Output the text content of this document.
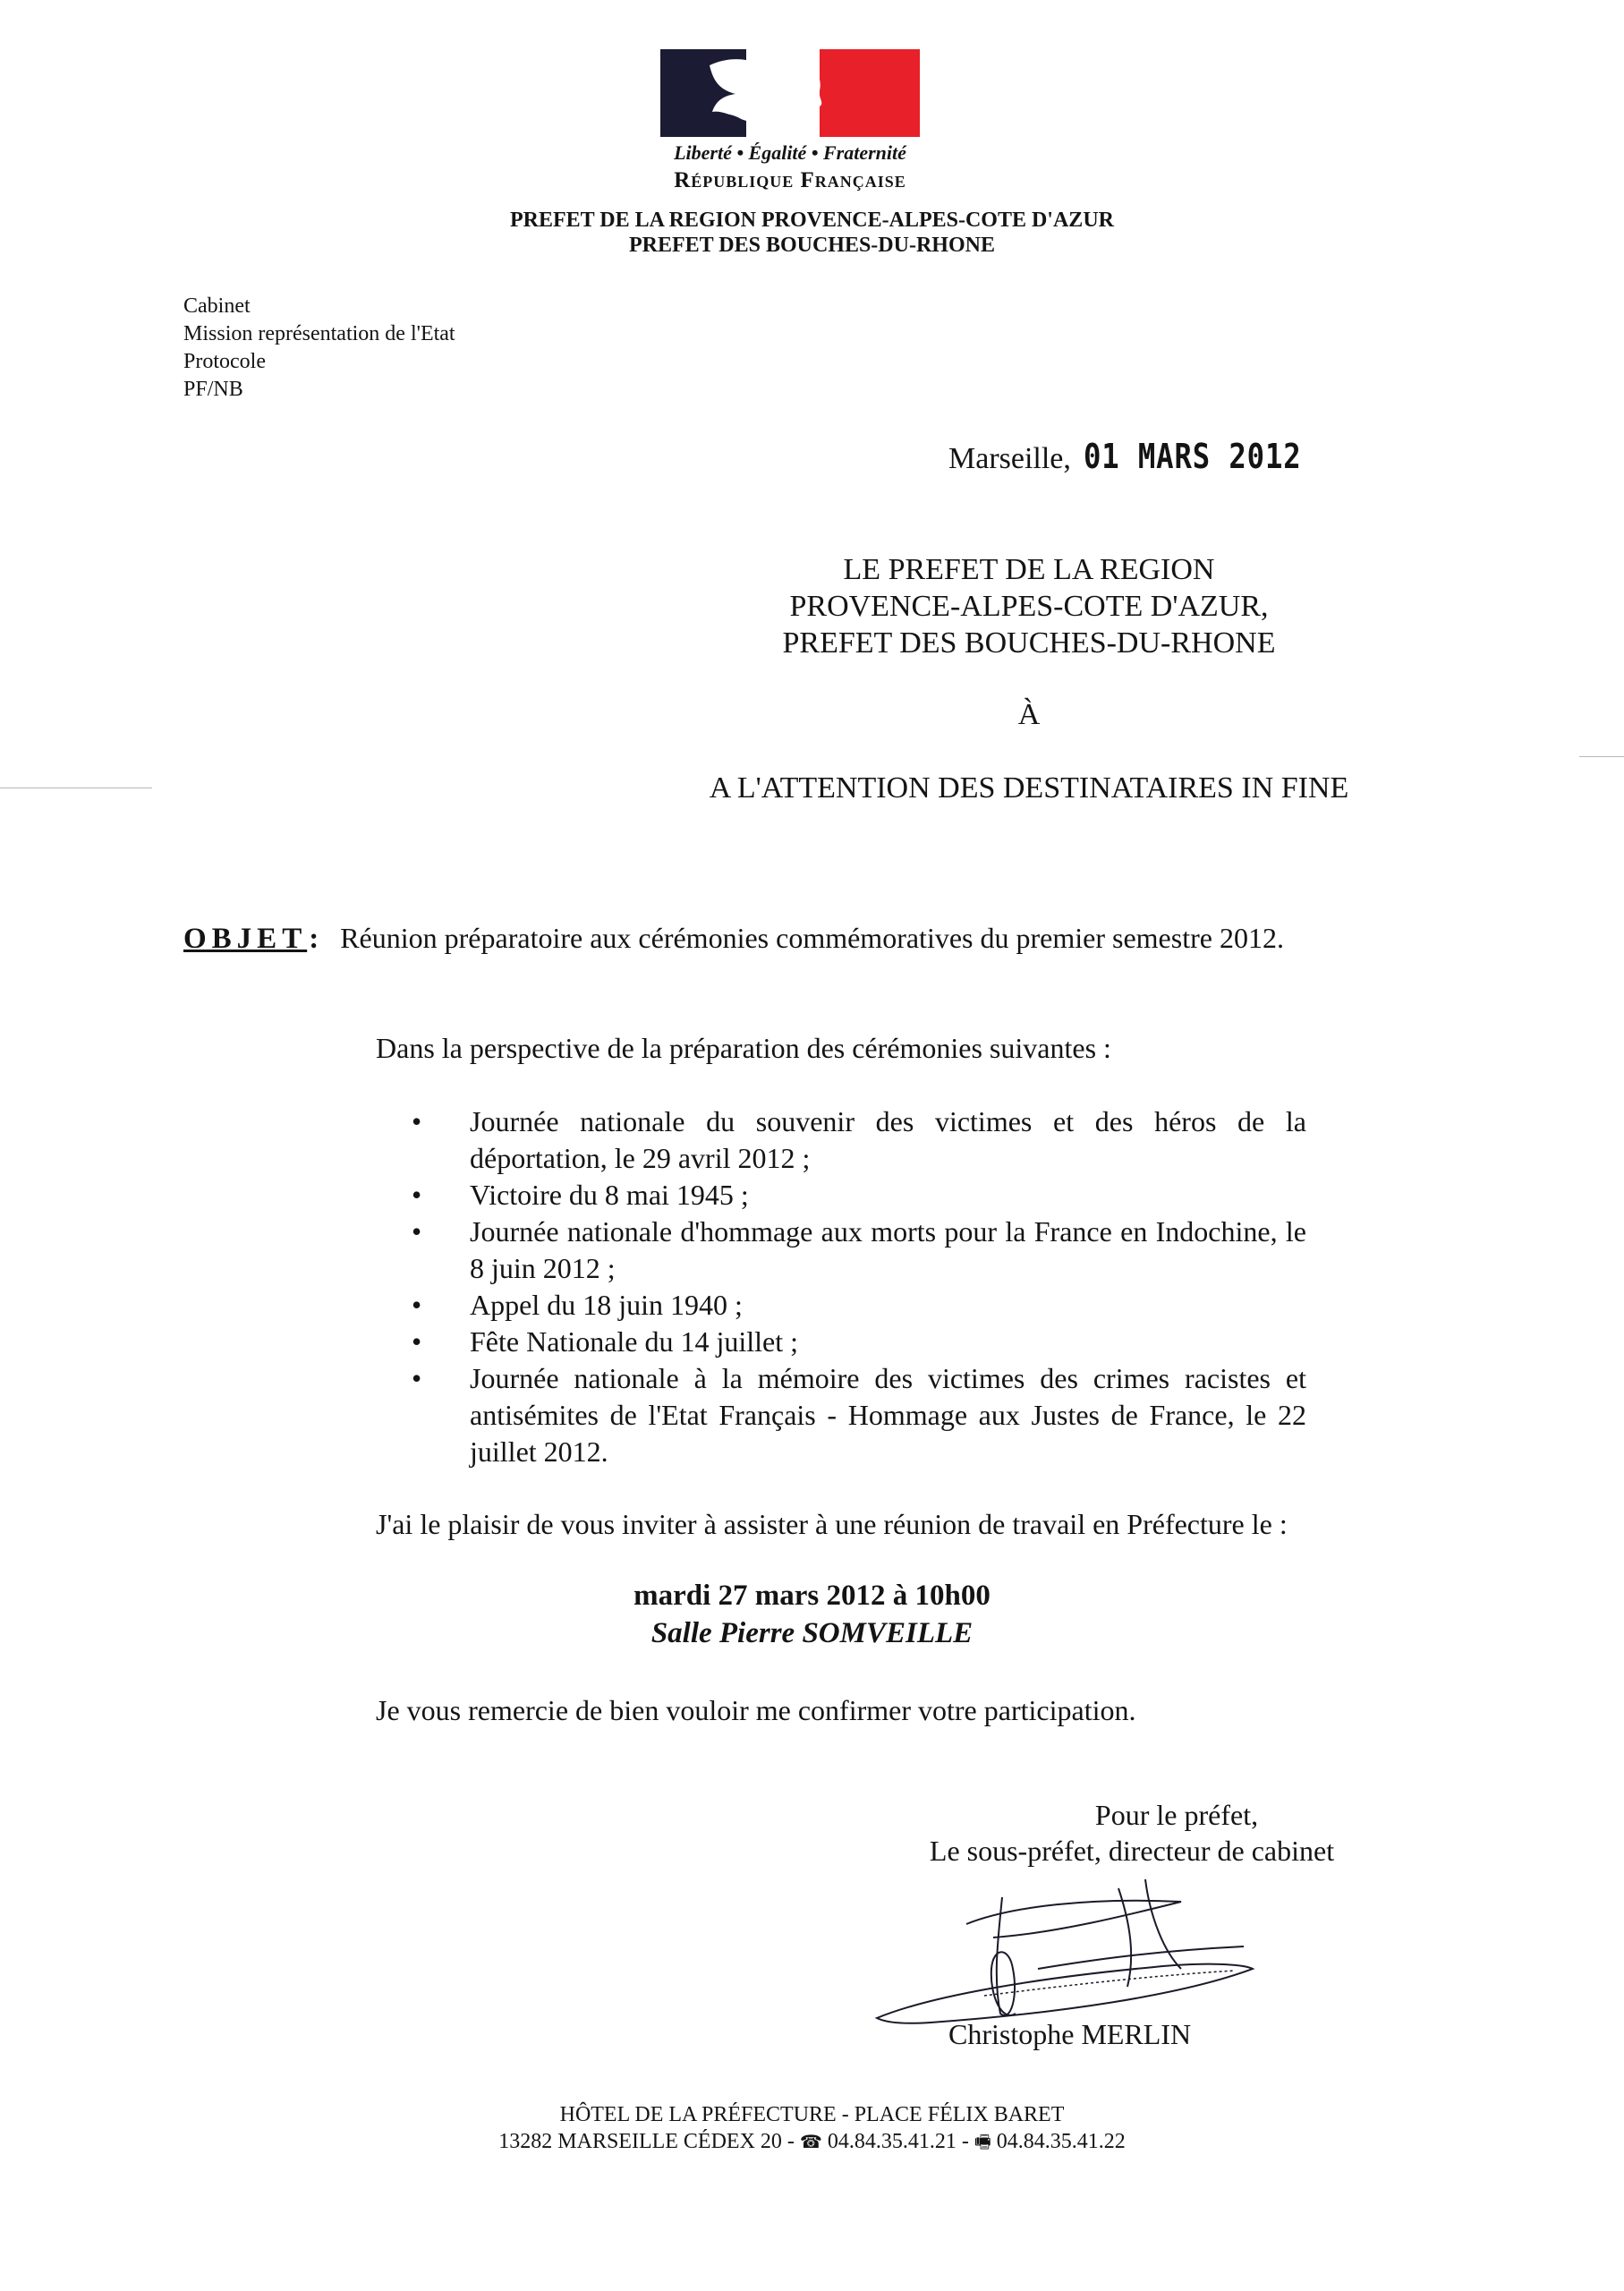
Liberté • Égalité • Fraternité
République Française
PREFET DE LA REGION PROVENCE-ALPES-COTE D'AZUR
PREFET DES BOUCHES-DU-RHONE
Cabinet
Mission représentation de l'Etat
Protocole
PF/NB
Marseille, 01 MARS 2012
LE PREFET DE LA REGION
PROVENCE-ALPES-COTE D'AZUR,
PREFET DES BOUCHES-DU-RHONE
À
A L'ATTENTION DES DESTINATAIRES IN FINE
OBJET: Réunion préparatoire aux cérémonies commémoratives du premier semestre 2012.
Dans la perspective de la préparation des cérémonies suivantes :
• Journée nationale du souvenir des victimes et des héros de la déportation, le 29 avril 2012 ;
• Victoire du 8 mai 1945 ;
• Journée nationale d'hommage aux morts pour la France en Indochine, le 8 juin 2012 ;
• Appel du 18 juin 1940 ;
• Fête Nationale du 14 juillet ;
• Journée nationale à la mémoire des victimes des crimes racistes et antisémites de l'Etat Français - Hommage aux Justes de France, le 22 juillet 2012.
J'ai le plaisir de vous inviter à assister à une réunion de travail en Préfecture le :
mardi 27 mars 2012 à 10h00
Salle Pierre SOMVEILLE
Je vous remercie de bien vouloir me confirmer votre participation.
Pour le préfet,
Le sous-préfet, directeur de cabinet
Christophe MERLIN
HÔTEL DE LA PRÉFECTURE - PLACE FÉLIX BARET
13282 MARSEILLE CÉDEX 20 - ☎ 04.84.35.41.21 - 🖷 04.84.35.41.22
